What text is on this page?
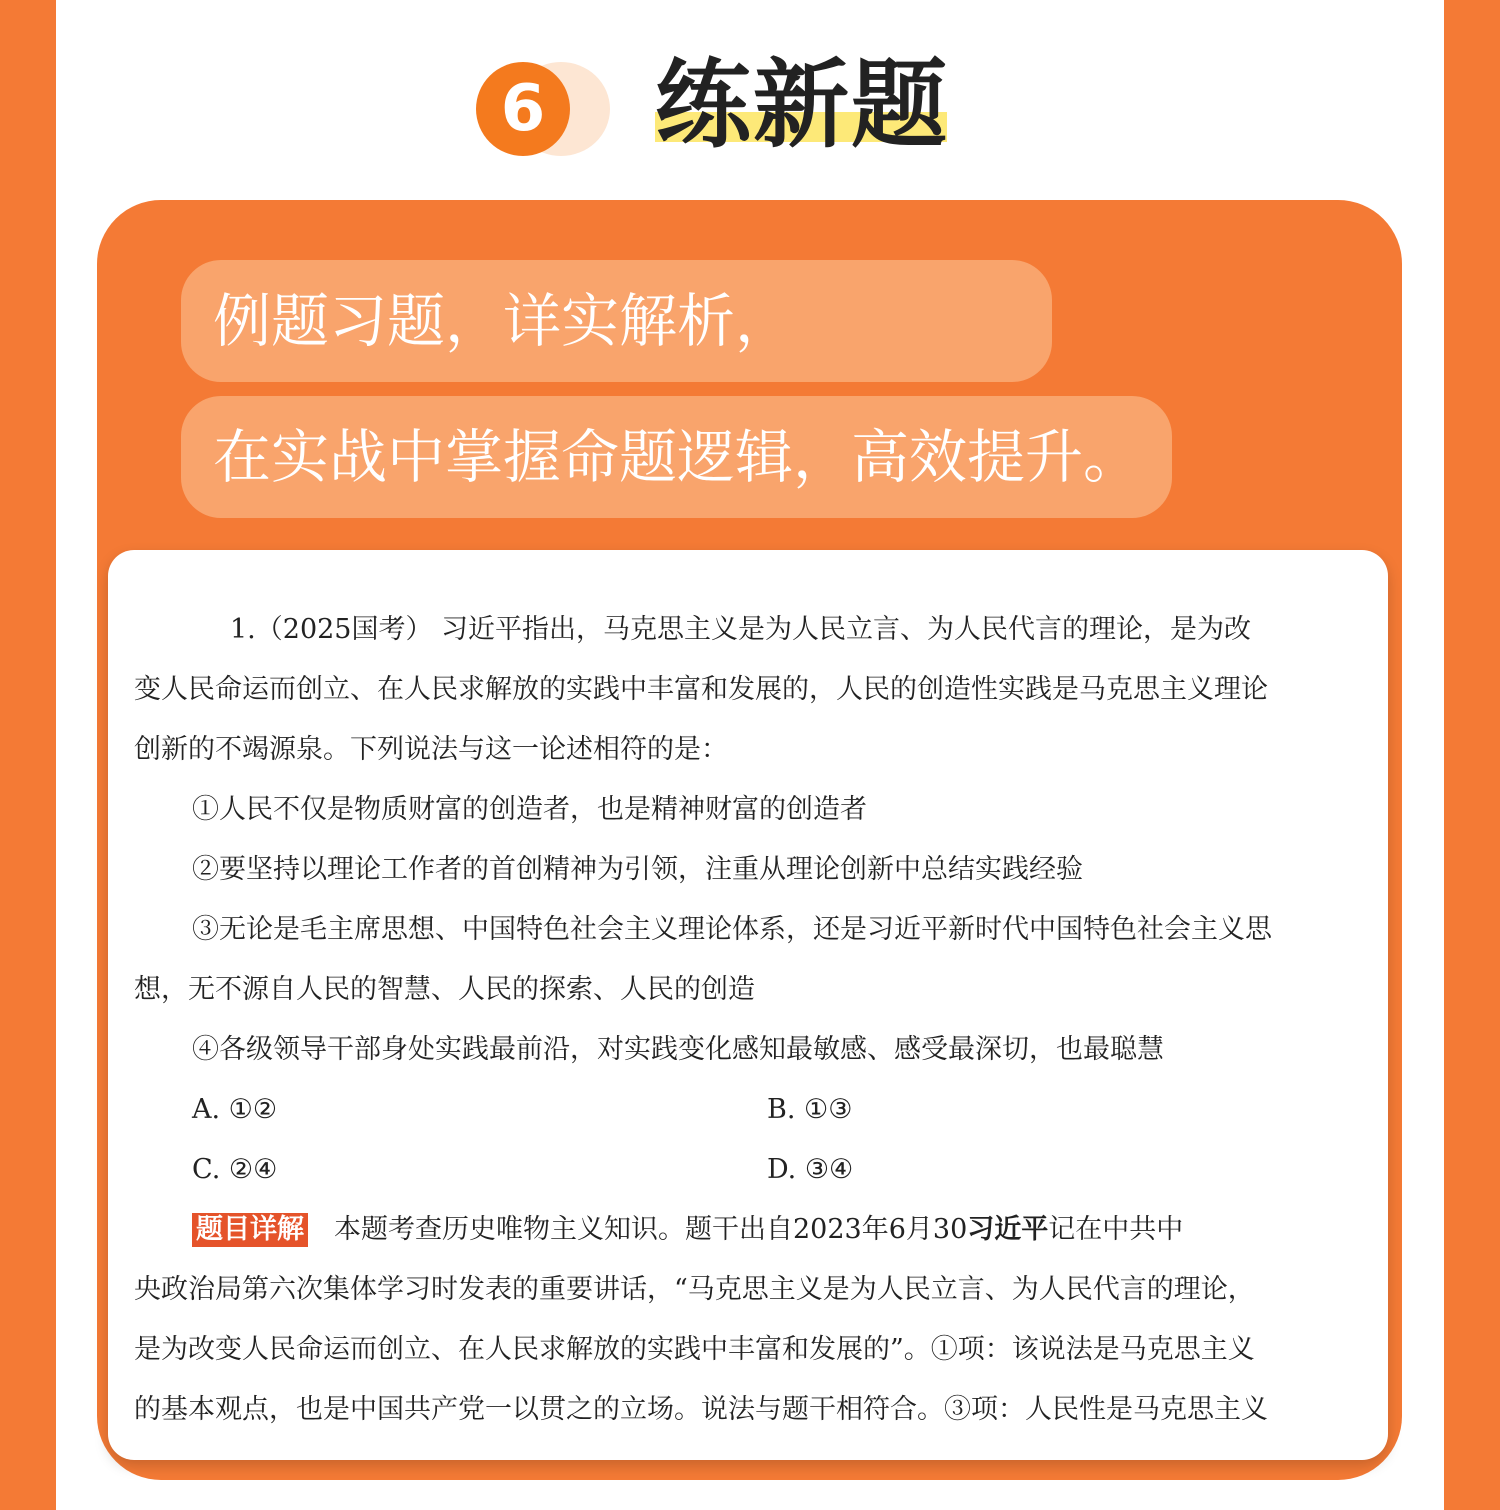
6 练新题
例题习题，详实解析，
在实战中掌握命题逻辑，高效提升。
1.（2025国考） 习近平指出，马克思主义是为人民立言、为人民代言的理论，是为改
变人民命运而创立、在人民求解放的实践中丰富和发展的，人民的创造性实践是马克思主义理论
创新的不竭源泉。下列说法与这一论述相符的是：
①人民不仅是物质财富的创造者，也是精神财富的创造者
②要坚持以理论工作者的首创精神为引领，注重从理论创新中总结实践经验
③无论是毛主席思想、中国特色社会主义理论体系，还是习近平新时代中国特色社会主义思
想，无不源自人民的智慧、人民的探索、人民的创造
④各级领导干部身处实践最前沿，对实践变化感知最敏感、感受最深切，也最聪慧
A. ①②	B. ①③
C. ②④	D. ③④
题目详解 本题考查历史唯物主义知识。题干出自2023年6月30习近平记在中共中
央政治局第六次集体学习时发表的重要讲话，“马克思主义是为人民立言、为人民代言的理论，
是为改变人民命运而创立、在人民求解放的实践中丰富和发展的”。①项：该说法是马克思主义
的基本观点，也是中国共产党一以贯之的立场。说法与题干相符合。③项：人民性是马克思主义
